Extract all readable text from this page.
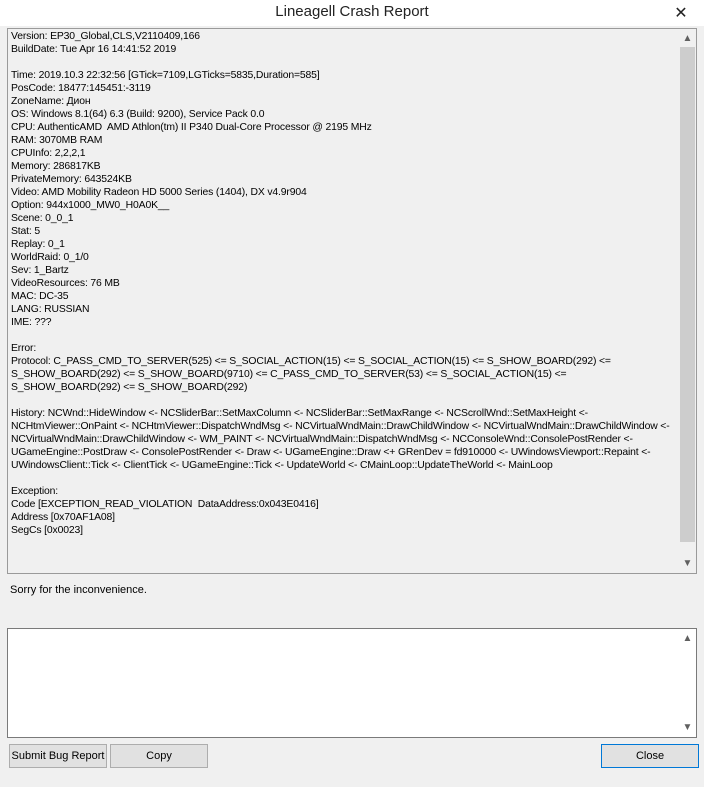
Lineagell Crash Report	✕
Version: EP30_Global,CLS,V2110409,166
BuildDate: Tue Apr 16 14:41:52 2019

Time: 2019.10.3 22:32:56 [GTick=7109,LGTicks=5835,Duration=585]
PosCode: 18477:145451:-3119
ZoneName: Дион
OS: Windows 8.1(64) 6.3 (Build: 9200), Service Pack 0.0
CPU: AuthenticAMD  AMD Athlon(tm) II P340 Dual-Core Processor @ 2195 MHz
RAM: 3070MB RAM
CPUInfo: 2,2,2,1
Memory: 286817KB
PrivateMemory: 643524KB
Video: AMD Mobility Radeon HD 5000 Series (1404), DX v4.9r904
Option: 944x1000_MW0_H0A0K__
Scene: 0_0_1
Stat: 5
Replay: 0_1
WorldRaid: 0_1/0
Sev: 1_Bartz
VideoResources: 76 MB
MAC: DC-35
LANG: RUSSIAN
IME: ???

Error:
Protocol: C_PASS_CMD_TO_SERVER(525) <= S_SOCIAL_ACTION(15) <= S_SOCIAL_ACTION(15) <= S_SHOW_BOARD(292) <= S_SHOW_BOARD(292) <= S_SHOW_BOARD(9710) <= C_PASS_CMD_TO_SERVER(53) <= S_SOCIAL_ACTION(15) <= S_SHOW_BOARD(292) <= S_SHOW_BOARD(292)

History: NCWnd::HideWindow <- NCSliderBar::SetMaxColumn <- NCSliderBar::SetMaxRange <- NCScrollWnd::SetMaxHeight <- NCHtmViewer::OnPaint <- NCHtmViewer::DispatchWndMsg <- NCVirtualWndMain::DrawChildWindow <- NCVirtualWndMain::DrawChildWindow <- NCVirtualWndMain::DrawChildWindow <- WM_PAINT <- NCVirtualWndMain::DispatchWndMsg <- NCConsoleWnd::ConsolePostRender <- UGameEngine::PostDraw <- ConsolePostRender <- Draw <- UGameEngine::Draw <+ GRenDev = fd910000 <- UWindowsViewport::Repaint <- UWindowsClient::Tick <- ClientTick <- UGameEngine::Tick <- UpdateWorld <- CMainLoop::UpdateTheWorld <- MainLoop

Exception:
Code [EXCEPTION_READ_VIOLATION  DataAddress:0x043E0416]
Address [0x70AF1A08]
SegCs [0x0023]
▲
▼
Sorry for the inconvenience.
▲
▼
Submit Bug Report	Copy	Close
